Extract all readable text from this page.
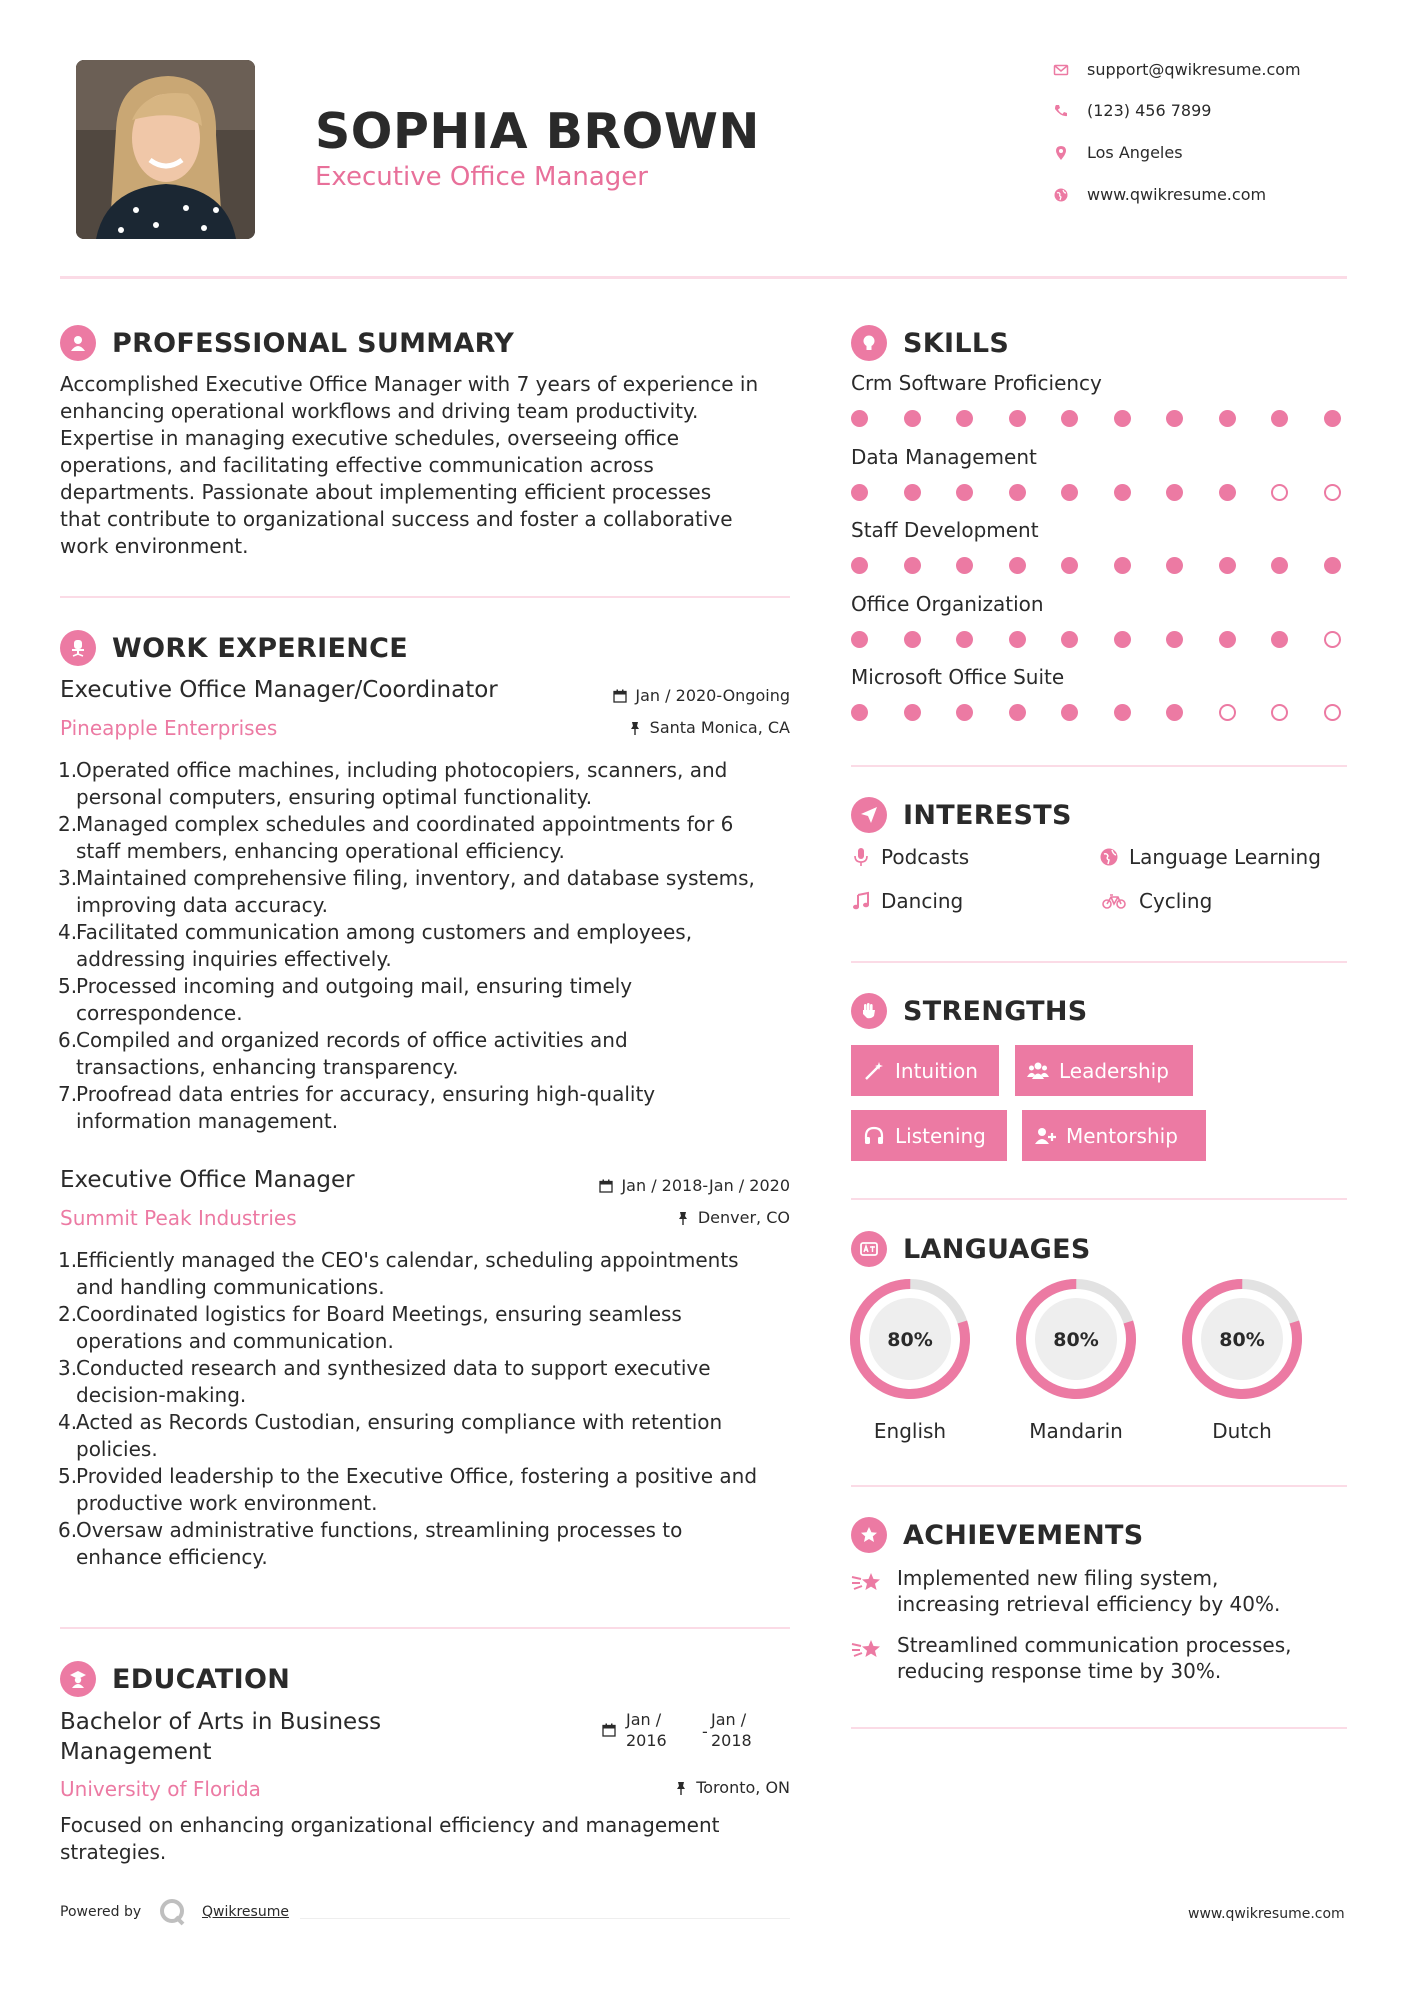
SOPHIA BROWN
Executive Office Manager
support@qwikresume.com
(123) 456 7899
Los Angeles
www.qwikresume.com
PROFESSIONAL SUMMARY
Accomplished Executive Office Manager with 7 years of experience in
enhancing operational workflows and driving team productivity.
Expertise in managing executive schedules, overseeing office
operations, and facilitating effective communication across
departments. Passionate about implementing efficient processes
that contribute to organizational success and foster a collaborative
work environment.
WORK EXPERIENCE
Executive Office Manager/Coordinator	Jan / 2020-Ongoing
Pineapple Enterprises	Santa Monica, CA
1.
Operated office machines, including photocopiers, scanners, and
personal computers, ensuring optimal functionality.
2.
Managed complex schedules and coordinated appointments for 6
staff members, enhancing operational efficiency.
3.
Maintained comprehensive filing, inventory, and database systems,
improving data accuracy.
4.
Facilitated communication among customers and employees,
addressing inquiries effectively.
5.
Processed incoming and outgoing mail, ensuring timely
correspondence.
6.
Compiled and organized records of office activities and
transactions, enhancing transparency.
7.
Proofread data entries for accuracy, ensuring high-quality
information management.
Executive Office Manager	Jan / 2018-Jan / 2020
Summit Peak Industries	Denver, CO
1.
Efficiently managed the CEO's calendar, scheduling appointments
and handling communications.
2.
Coordinated logistics for Board Meetings, ensuring seamless
operations and communication.
3.
Conducted research and synthesized data to support executive
decision-making.
4.
Acted as Records Custodian, ensuring compliance with retention
policies.
5.
Provided leadership to the Executive Office, fostering a positive and
productive work environment.
6.
Oversaw administrative functions, streamlining processes to
enhance efficiency.
EDUCATION
Bachelor of Arts in Business
Management
Jan /
2016 -
Jan /
2018
University of Florida	Toronto, ON
Focused on enhancing organizational efficiency and management
strategies.
Powered by	Qwikresume	www.qwikresume.com
SKILLS
Crm Software Proficiency
Data Management
Staff Development
Office Organization
Microsoft Office Suite
INTERESTS
Podcasts	Language Learning
Dancing	Cycling
STRENGTHS
Intuition	Leadership
Listening	Mentorship
LANGUAGES
80%
English
80%
Mandarin
80%
Dutch
ACHIEVEMENTS
Implemented new filing system,
increasing retrieval efficiency by 40%.
Streamlined communication processes,
reducing response time by 30%.
